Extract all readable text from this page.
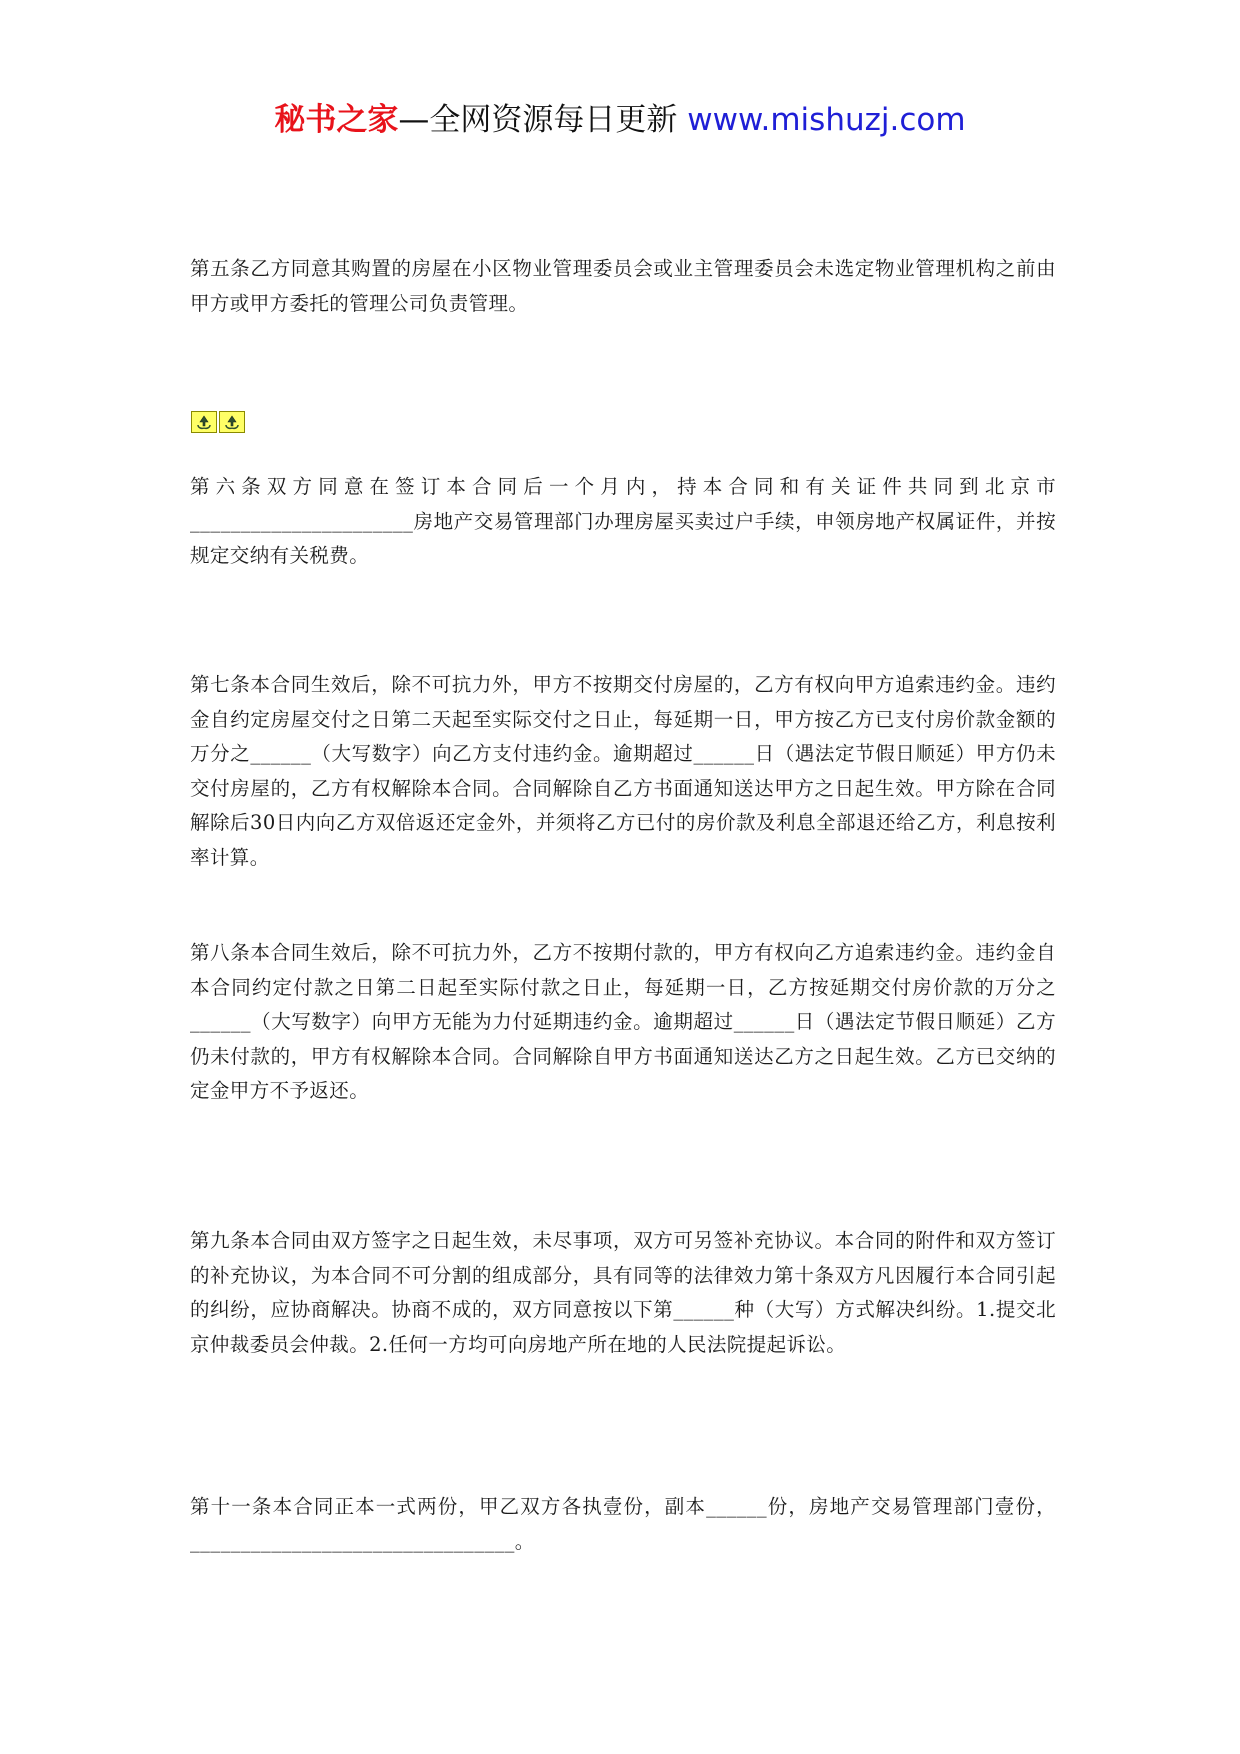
秘书之家—全网资源每日更新 www.mishuzj.com

第五条乙方同意其购置的房屋在小区物业管理委员会或业主管理委员会未选定物业管理机构之前由甲方或甲方委托的管理公司负责管理。

第六条双方同意在签订本合同后一个月内，持本合同和有关证件共同到北京市______________________房地产交易管理部门办理房屋买卖过户手续，申领房地产权属证件，并按规定交纳有关税费。

第七条本合同生效后，除不可抗力外，甲方不按期交付房屋的，乙方有权向甲方追索违约金。违约金自约定房屋交付之日第二天起至实际交付之日止，每延期一日，甲方按乙方已支付房价款金额的万分之______（大写数字）向乙方支付违约金。逾期超过______日（遇法定节假日顺延）甲方仍未交付房屋的，乙方有权解除本合同。合同解除自乙方书面通知送达甲方之日起生效。甲方除在合同解除后30日内向乙方双倍返还定金外，并须将乙方已付的房价款及利息全部退还给乙方，利息按利率计算。

第八条本合同生效后，除不可抗力外，乙方不按期付款的，甲方有权向乙方追索违约金。违约金自本合同约定付款之日第二日起至实际付款之日止，每延期一日，乙方按延期交付房价款的万分之______（大写数字）向甲方无能为力付延期违约金。逾期超过______日（遇法定节假日顺延）乙方仍未付款的，甲方有权解除本合同。合同解除自甲方书面通知送达乙方之日起生效。乙方已交纳的定金甲方不予返还。

第九条本合同由双方签字之日起生效，未尽事项，双方可另签补充协议。本合同的附件和双方签订的补充协议，为本合同不可分割的组成部分，具有同等的法律效力第十条双方凡因履行本合同引起的纠纷，应协商解决。协商不成的，双方同意按以下第______种（大写）方式解决纠纷。1.提交北京仲裁委员会仲裁。2.任何一方均可向房地产所在地的人民法院提起诉讼。

第十一条本合同正本一式两份，甲乙双方各执壹份，副本______份，房地产交易管理部门壹份，________________________________。
